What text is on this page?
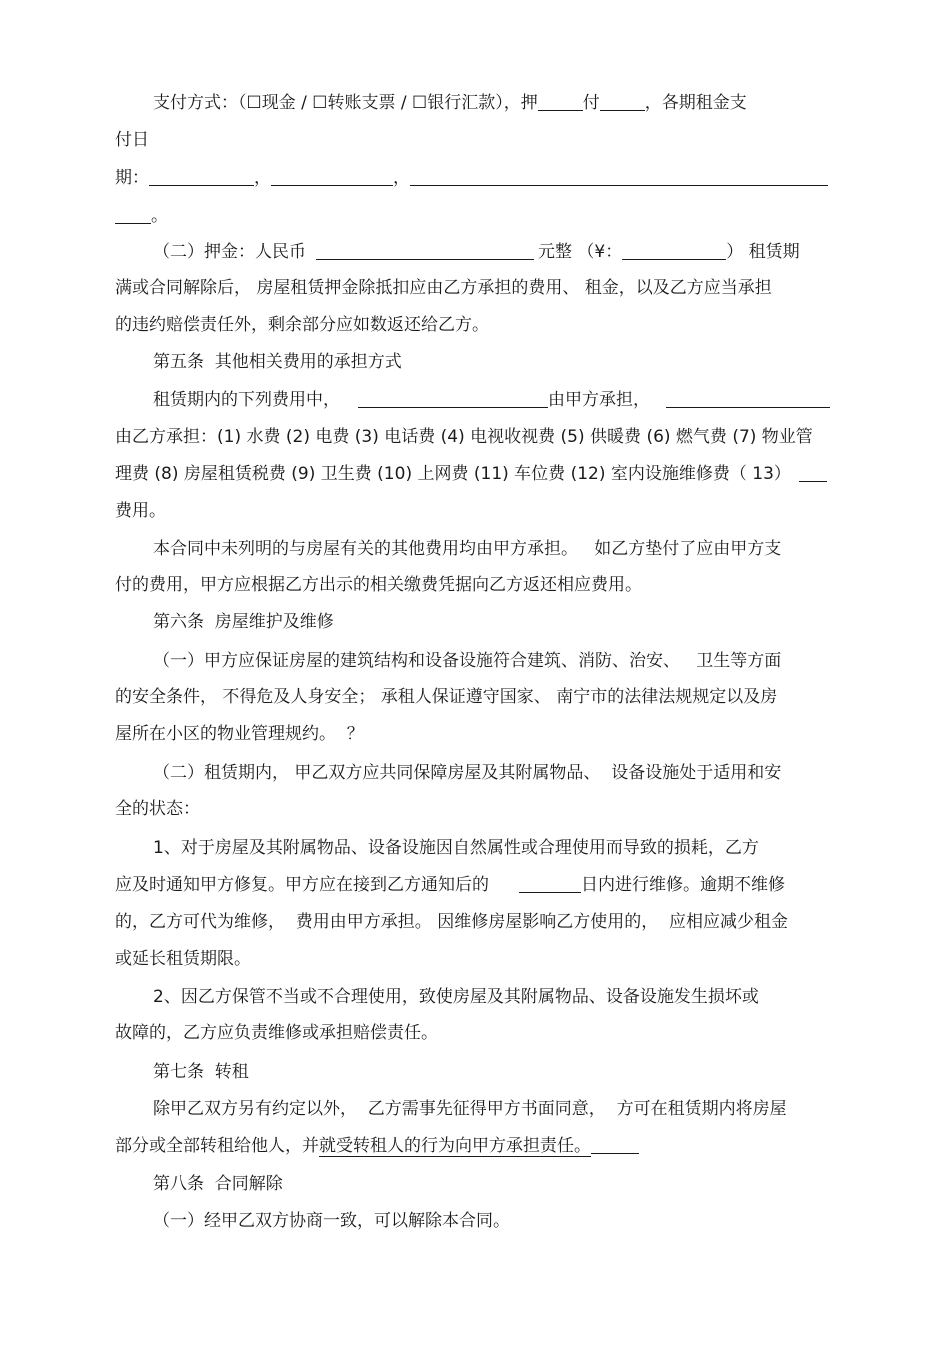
支付方式：（☐现金 / ☐转账支票 / ☐银行汇款），押	付	，各期租金支
付日
期：	，	，
。
（二）押金：人民币	元整 （¥：	） 租赁期
满或合同解除后， 房屋租赁押金除抵扣应由乙方承担的费用、 租金，以及乙方应当承担
的违约赔偿责任外，剩余部分应如数返还给乙方。
第五条  其他相关费用的承担方式
租赁期内的下列费用中，	由甲方承担，
由乙方承担：(1) 水费 (2) 电费 (3) 电话费 (4) 电视收视费 (5) 供暖费 (6) 燃气费 (7) 物业管
理费 (8) 房屋租赁税费 (9) 卫生费 (10) 上网费 (11) 车位费 (12) 室内设施维修费（ 13）
费用。
本合同中未列明的与房屋有关的其他费用均由甲方承担。   如乙方垫付了应由甲方支
付的费用，甲方应根据乙方出示的相关缴费凭据向乙方返还相应费用。
第六条  房屋维护及维修
（一）甲方应保证房屋的建筑结构和设备设施符合建筑、消防、治安、   卫生等方面
的安全条件， 不得危及人身安全； 承租人保证遵守国家、 南宁市的法律法规规定以及房
屋所在小区的物业管理规约。  ？
（二）租赁期内， 甲乙双方应共同保障房屋及其附属物品、  设备设施处于适用和安
全的状态：
1、对于房屋及其附属物品、设备设施因自然属性或合理使用而导致的损耗，乙方
应及时通知甲方修复。甲方应在接到乙方通知后的	日内进行维修。逾期不维修
的，乙方可代为维修，  费用由甲方承担。 因维修房屋影响乙方使用的，  应相应减少租金
或延长租赁期限。
2、因乙方保管不当或不合理使用，致使房屋及其附属物品、设备设施发生损坏或
故障的，乙方应负责维修或承担赔偿责任。
第七条  转租
除甲乙双方另有约定以外，  乙方需事先征得甲方书面同意，  方可在租赁期内将房屋
部分或全部转租给他人，并就受转租人的行为向甲方承担责任。
第八条  合同解除
（一）经甲乙双方协商一致，可以解除本合同。
